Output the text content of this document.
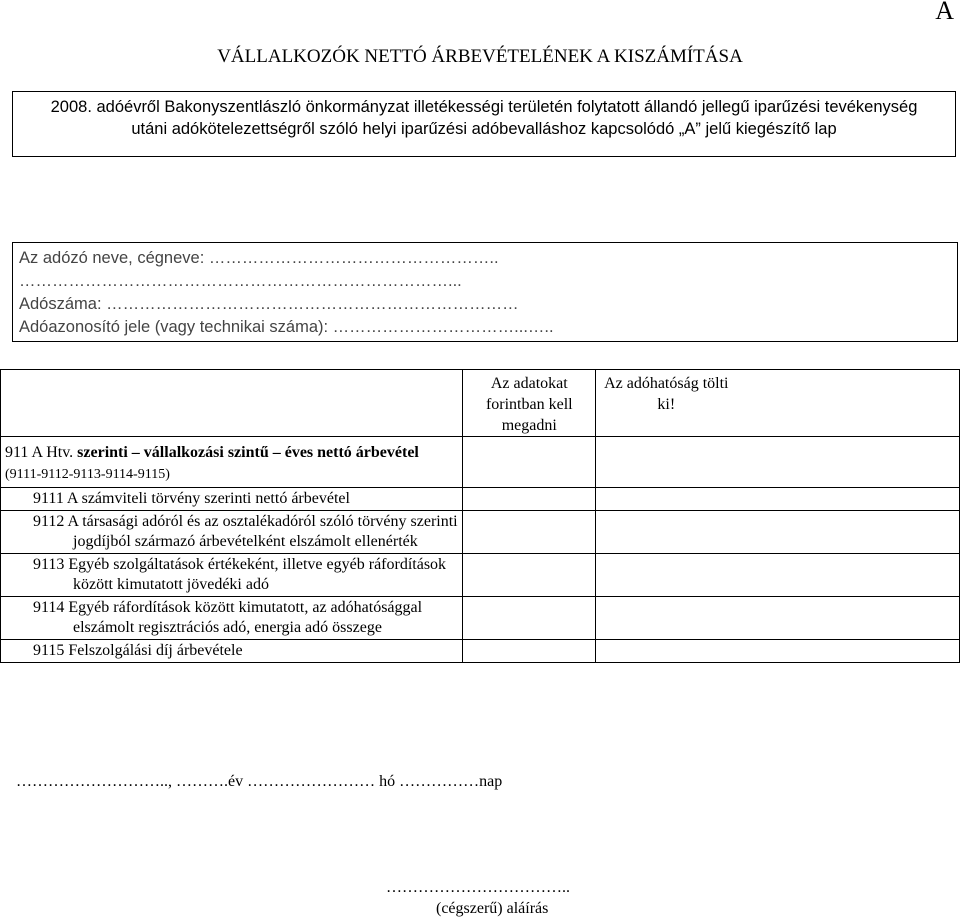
A
VÁLLALKOZÓK NETTÓ ÁRBEVÉTELÉNEK A KISZÁMÍTÁSA
2008. adóévről Bakonyszentlászló önkormányzat illetékességi területén folytatott állandó jellegű iparűzési tevékenység
utáni adókötelezettségről szóló helyi iparűzési adóbevalláshoz kapcsolódó „A” jelű kiegészítő lap
Az adózó neve, cégneve: ……………………………………………..
……………………………………………………………………...
Adószáma: …………………………………………………………………
Adóazonosító jele (vagy technikai száma): ……………………………...…..
	Az adatokat forintban kell megadni	Az adóhatóság tölti ki!

911 A Htv. szerinti – vállalkozási szintű – éves nettó árbevétel (9111-9112-9113-9114-9115)		
9111 A számviteli törvény szerinti nettó árbevétel		
9112 A társasági adóról és az osztalékadóról szóló törvény szerinti jogdíjból származó árbevételként elszámolt ellenérték		
9113 Egyéb szolgáltatások értékeként, illetve egyéb ráfordítások között kimutatott jövedéki adó		
9114 Egyéb ráfordítások között kimutatott, az adóhatósággal elszámolt regisztrációs adó, energia adó összege		
9115 Felszolgálási díj árbevétele		
……………………….., ……….év …………………… hó ……………nap
……………………………..
(cégszerű) aláírás
